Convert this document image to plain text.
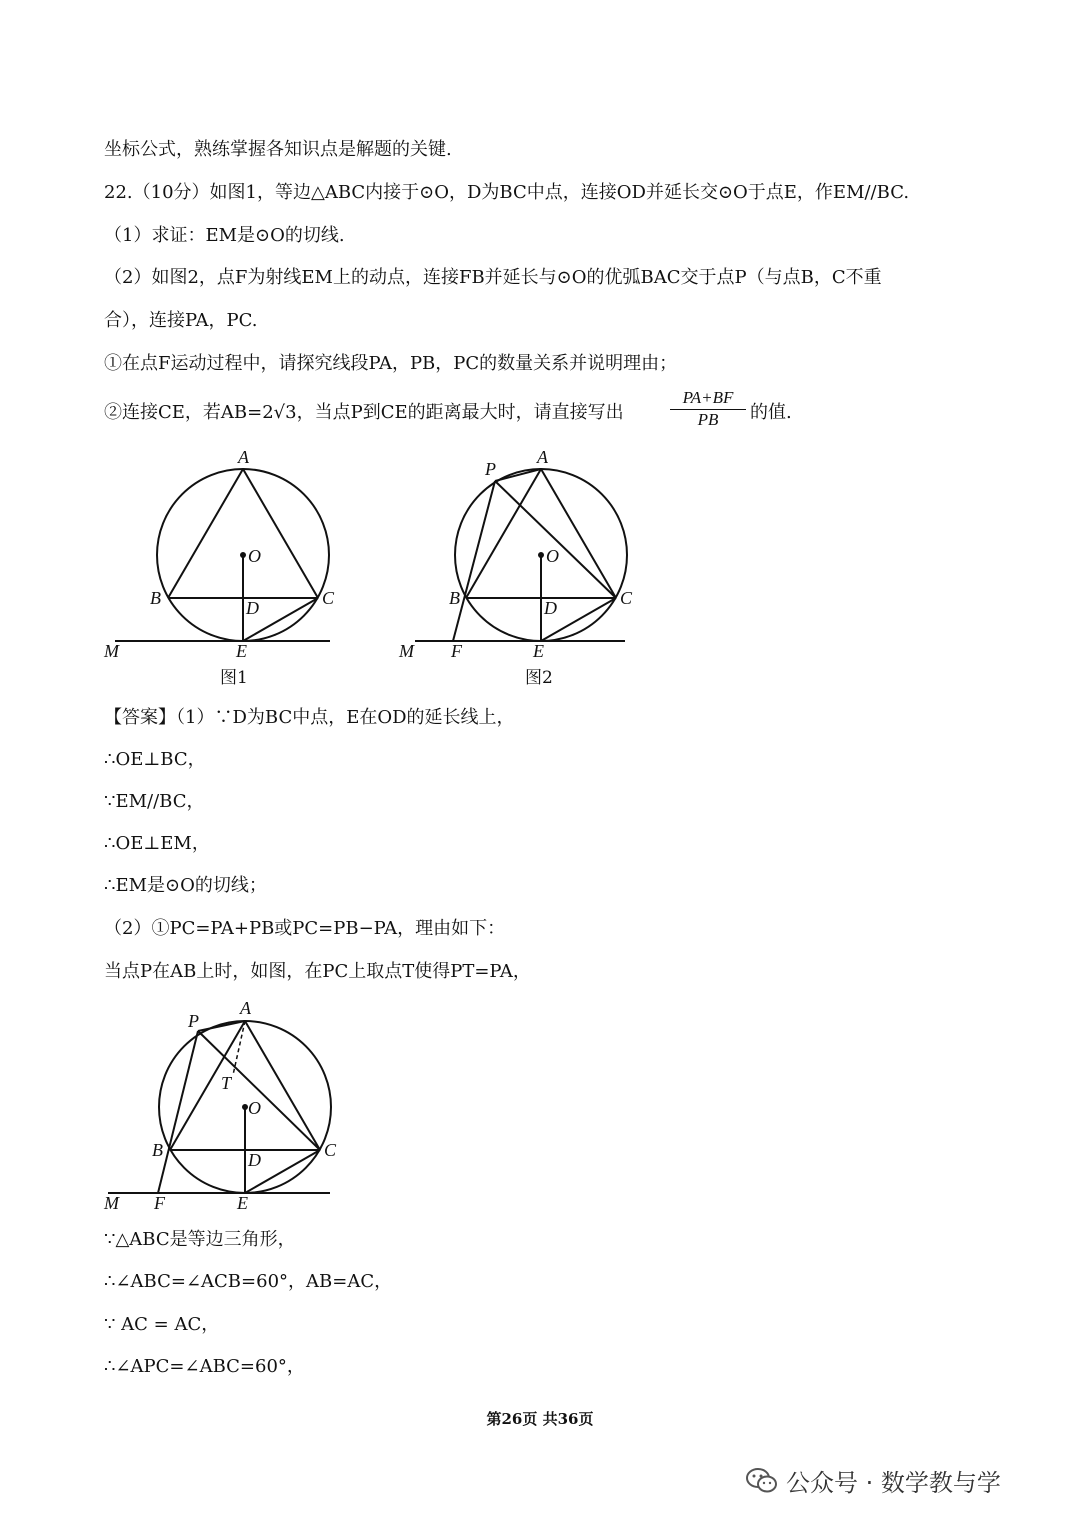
坐标公式，熟练掌握各知识点是解题的关键.
22.（10分）如图1，等边△ABC内接于⊙O，D为BC中点，连接OD并延长交⊙O于点E，作EM//BC.
（1）求证：EM是⊙O的切线.
（2）如图2，点F为射线EM上的动点，连接FB并延长与⊙O的优弧BAC交于点P（与点B，C不重
合），连接PA，PC.
①在点F运动过程中，请探究线段PA，PB，PC的数量关系并说明理由；
②连接CE，若AB=2√3，当点P到CE的距离最大时，请直接写出	$\frac{PA+BF}{PB}$ 的值.
A
O
B	C
D
M	E
图1
P
A
O
B	C
D
M F	E
图2
【答案】（1）∵D为BC中点，E在OD的延长线上，
∴OE⊥BC，
∵EM//BC，
∴OE⊥EM，
∴EM是⊙O的切线；
（2）①PC=PA+PB或PC=PB−PA，理由如下：
当点P在AB上时，如图，在PC上取点T使得PT=PA，
P
A
T
O
B	C
D
M F	E
∵△ABC是等边三角形，
∴∠ABC=∠ACB=60°，AB=AC，
∵ AC = AC，
∴∠APC=∠ABC=60°，
第26页 共36页
公众号 · 数学教与学
